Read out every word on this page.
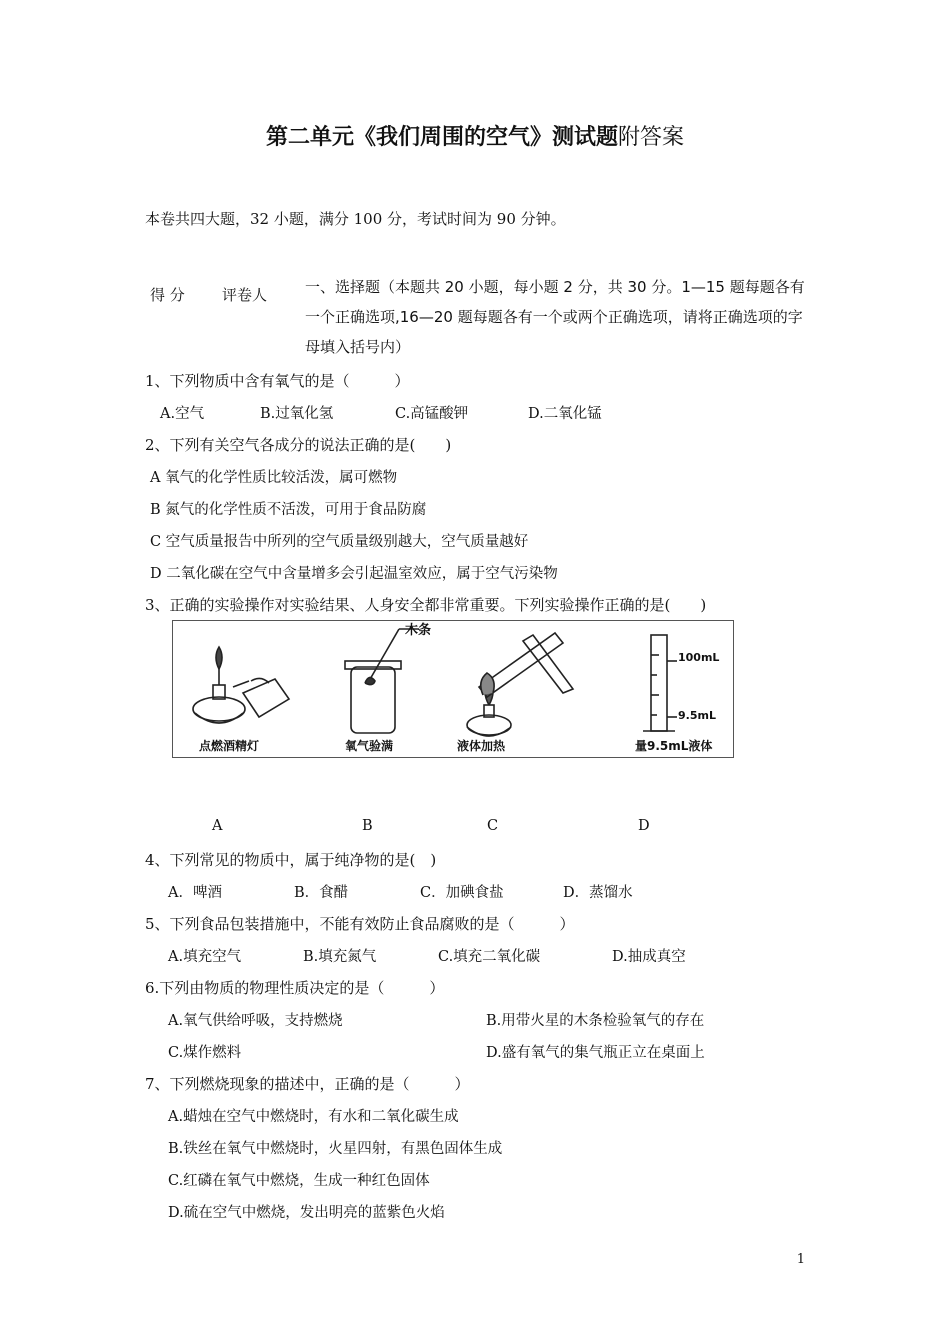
第二单元《我们周围的空气》测试题附答案
本卷共四大题，32 小题，满分 100 分，考试时间为 90 分钟。
得 分 评卷人	一、选择题（本题共 20 小题，每小题 2 分，共 30 分。1—15 题每题各有一个正确选项,16—20 题每题各有一个或两个正确选项，请将正确选项的字母填入括号内）
1、下列物质中含有氧气的是（　　　）
A.空气	B.过氧化氢	C.高锰酸钾	D.二氧化锰
2、下列有关空气各成分的说法正确的是(　　)
A 氧气的化学性质比较活泼，属可燃物
B 氮气的化学性质不活泼，可用于食品防腐
C 空气质量报告中所列的空气质量级别越大，空气质量越好
D 二氧化碳在空气中含量增多会引起温室效应，属于空气污染物
3、正确的实验操作对实验结果、人身安全都非常重要。下列实验操作正确的是(　　)
木条
100mL
9.5mL
点燃酒精灯	氧气验满	液体加热	量9.5mL液体
A	B	C	D
4、下列常见的物质中，属于纯净物的是(　)
A．啤酒	B．食醋	C．加碘食盐	D．蒸馏水
5、下列食品包装措施中，不能有效防止食品腐败的是（　　　）
A.填充空气	B.填充氮气	C.填充二氧化碳	D.抽成真空
6.下列由物质的物理性质决定的是（　　　）
A.氧气供给呼吸，支持燃烧	B.用带火星的木条检验氧气的存在
C.煤作燃料	D.盛有氧气的集气瓶正立在桌面上
7、下列燃烧现象的描述中，正确的是（　　　）
A.蜡烛在空气中燃烧时，有水和二氧化碳生成
B.铁丝在氧气中燃烧时，火星四射，有黑色固体生成
C.红磷在氧气中燃烧，生成一种红色固体
D.硫在空气中燃烧，发出明亮的蓝紫色火焰
1
